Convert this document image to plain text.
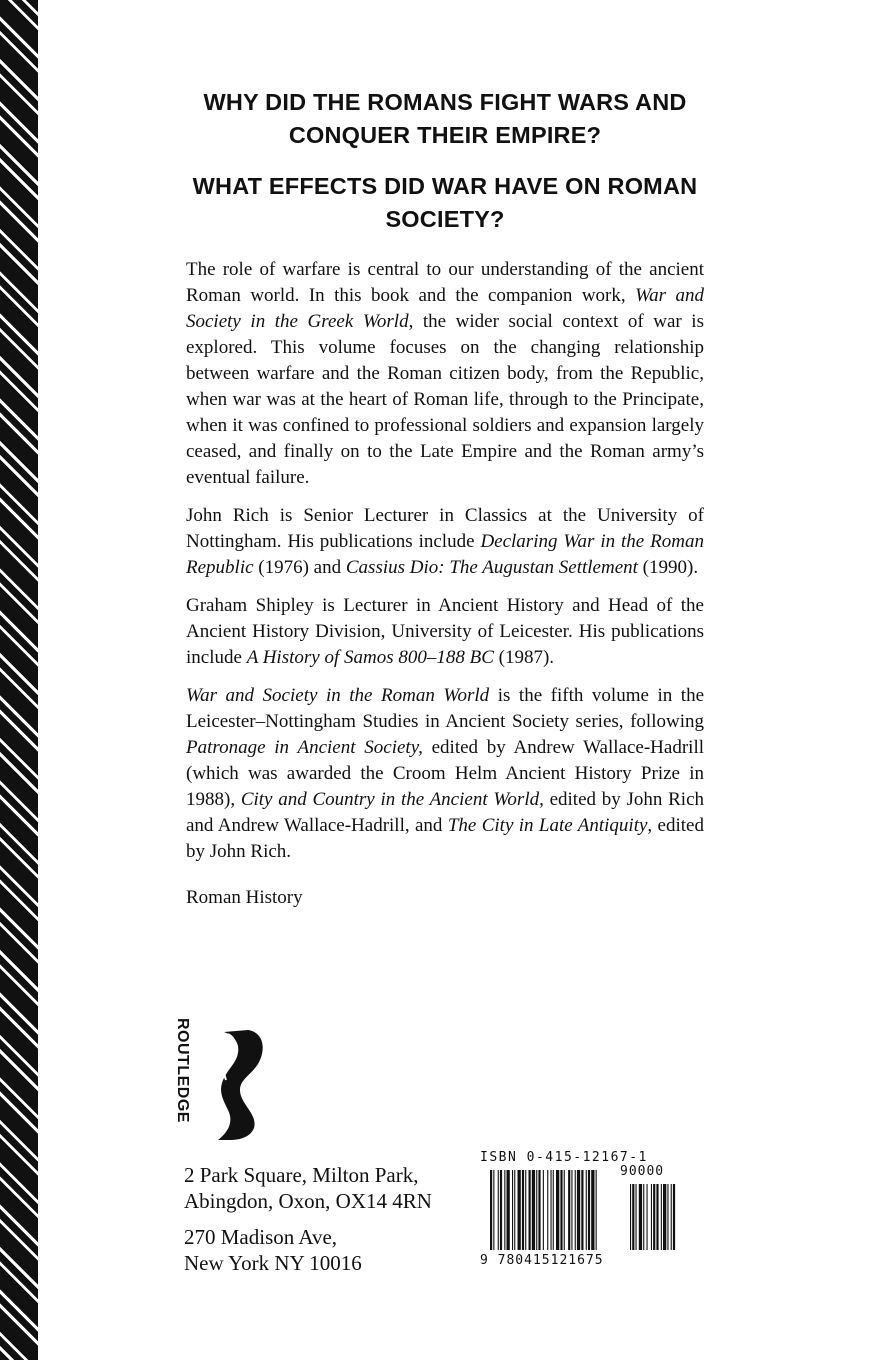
WHY DID THE ROMANS FIGHT WARS AND CONQUER THEIR EMPIRE?
WHAT EFFECTS DID WAR HAVE ON ROMAN SOCIETY?

The role of warfare is central to our understanding of the ancient Roman world. In this book and the companion work, War and Society in the Greek World, the wider social context of war is explored. This volume focuses on the changing relationship between warfare and the Roman citizen body, from the Republic, when war was at the heart of Roman life, through to the Principate, when it was confined to professional soldiers and expansion largely ceased, and finally on to the Late Empire and the Roman army’s eventual failure.

John Rich is Senior Lecturer in Classics at the University of Nottingham. His publications include Declaring War in the Roman Republic (1976) and Cassius Dio: The Augustan Settlement (1990).

Graham Shipley is Lecturer in Ancient History and Head of the Ancient History Division, University of Leicester. His publications include A History of Samos 800–188 BC (1987).

War and Society in the Roman World is the fifth volume in the Leicester–Nottingham Studies in Ancient Society series, following Patronage in Ancient Society, edited by Andrew Wallace-Hadrill (which was awarded the Croom Helm Ancient History Prize in 1988), City and Country in the Ancient World, edited by John Rich and Andrew Wallace-Hadrill, and The City in Late Antiquity, edited by John Rich.

Roman History

ROUTLEDGE
2 Park Square, Milton Park,
Abingdon, Oxon, OX14 4RN
270 Madison Ave,
New York NY 10016
ISBN 0-415-12167-1
90000
9 780415121675
